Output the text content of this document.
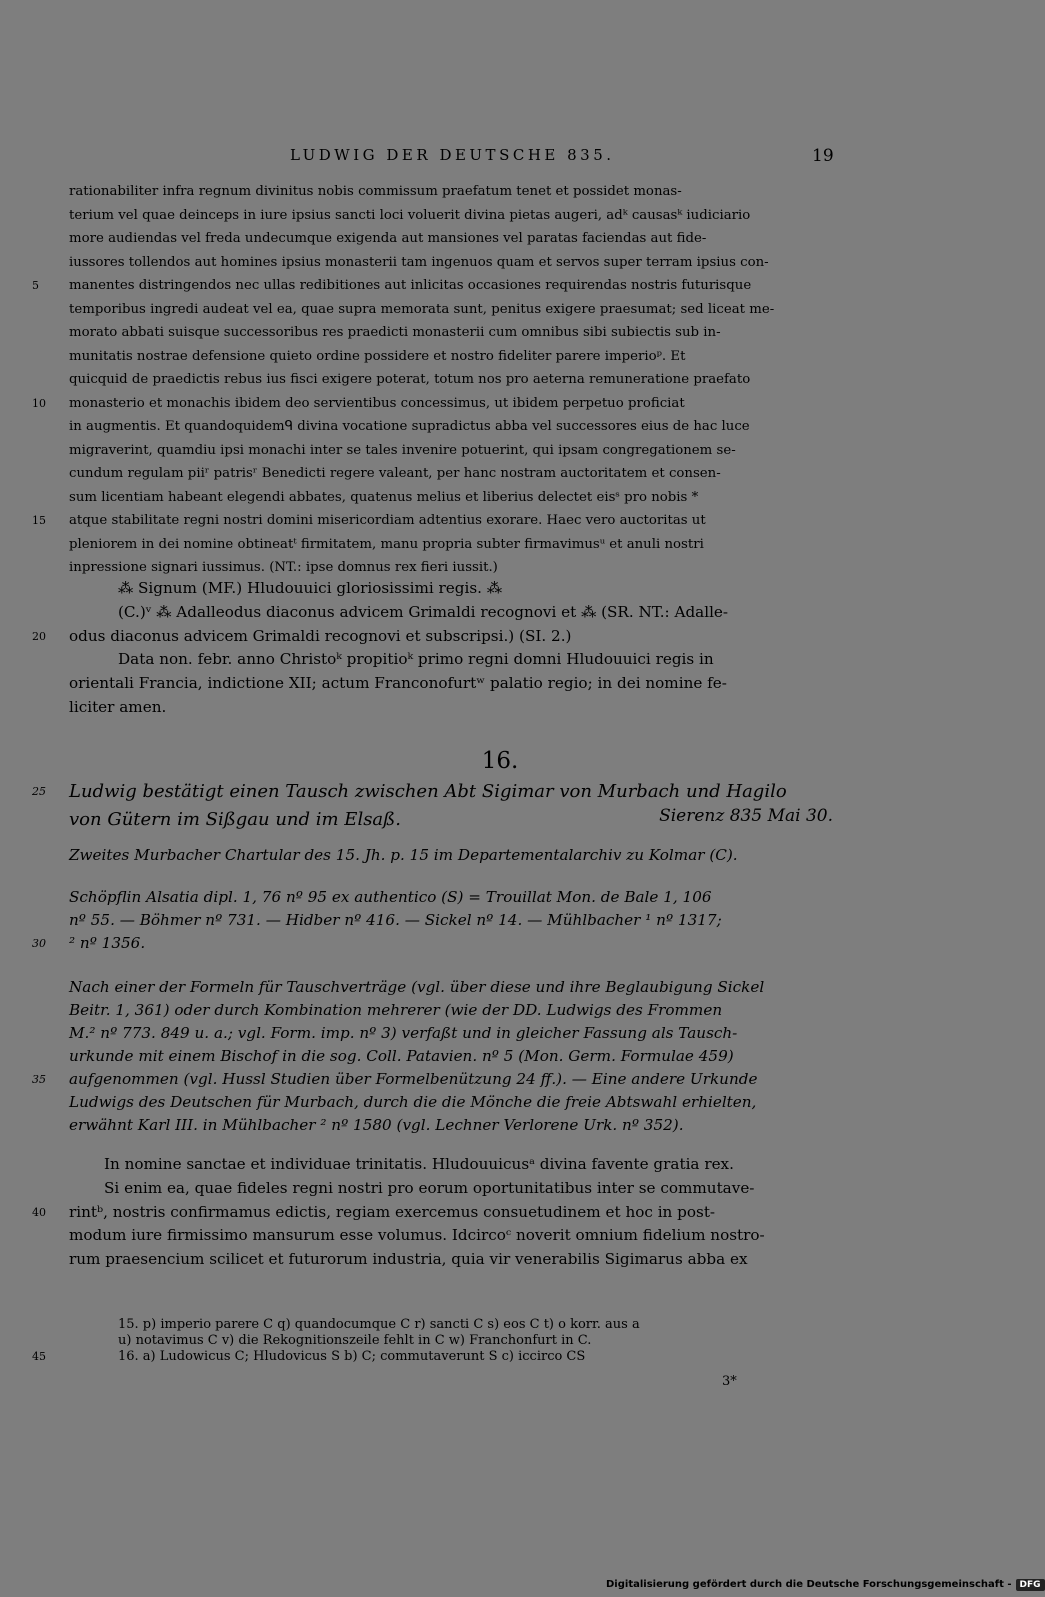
LUDWIG DER DEUTSCHE 835.	19
rationabiliter infra regnum divinitus nobis commissum praefatum tenet et possidet monas-
terium vel quae deinceps in iure ipsius sancti loci voluerit divina pietas augeri, adᵏ causasᵏ iudiciario
more audiendas vel freda undecumque exigenda aut mansiones vel paratas faciendas aut fide-
iussores tollendos aut homines ipsius monasterii tam ingenuos quam et servos super terram ipsius con-
5	manentes distringendos nec ullas redibitiones aut inlicitas occasiones requirendas nostris futurisque
temporibus ingredi audeat vel ea, quae supra memorata sunt, penitus exigere praesumat; sed liceat me-
morato abbati suisque successoribus res praedicti monasterii cum omnibus sibi subiectis sub in-
munitatis nostrae defensione quieto ordine possidere et nostro fideliter parere imperioᵖ. Et
quicquid de praedictis rebus ius fisci exigere poterat, totum nos pro aeterna remuneratione praefato
10	monasterio et monachis ibidem deo servientibus concessimus, ut ibidem perpetuo proficiat
in augmentis. Et quandoquidemᑫ divina vocatione supradictus abba vel successores eius de hac luce
migraverint, quamdiu ipsi monachi inter se tales invenire potuerint, qui ipsam congregationem se-
cundum regulam piiʳ patrisʳ Benedicti regere valeant, per hanc nostram auctoritatem et consen-
sum licentiam habeant elegendi abbates, quatenus melius et liberius delectet eisˢ pro nobis *
15	atque stabilitate regni nostri domini misericordiam adtentius exorare. Haec vero auctoritas ut
pleniorem in dei nomine obtineatᵗ firmitatem, manu propria subter firmavimusᵘ et anuli nostri
inpressione signari iussimus. (NT.: ipse domnus rex fieri iussit.)
⁂ Signum (MF.) Hludouuici gloriosissimi regis. ⁂
(C.)ᵛ ⁂ Adalleodus diaconus advicem Grimaldi recognovi et ⁂ (SR. NT.: Adalle-
20	odus diaconus advicem Grimaldi recognovi et subscripsi.) (SI. 2.)
Data non. febr. anno Christoᵏ propitioᵏ primo regni domni Hludouuici regis in
orientali Francia, indictione XII; actum Franconofurtʷ palatio regio; in dei nomine fe-
liciter amen.
16.
Sierenz 835 Mai 30.
25	Ludwig bestätigt einen Tausch zwischen Abt Sigimar von Murbach und Hagilo
von Gütern im Sißgau und im Elsaß.
Zweites Murbacher Chartular des 15. Jh. p. 15 im Departementalarchiv zu Kolmar (C).
Schöpflin Alsatia dipl. 1, 76 nº 95 ex authentico (S) = Trouillat Mon. de Bale 1, 106
nº 55. — Böhmer nº 731. — Hidber nº 416. — Sickel nº 14. — Mühlbacher ¹ nº 1317;
30	² nº 1356.
Nach einer der Formeln für Tauschverträge (vgl. über diese und ihre Beglaubigung Sickel
Beitr. 1, 361) oder durch Kombination mehrerer (wie der DD. Ludwigs des Frommen
M.² nº 773. 849 u. a.; vgl. Form. imp. nº 3) verfaßt und in gleicher Fassung als Tausch-
urkunde mit einem Bischof in die sog. Coll. Patavien. nº 5 (Mon. Germ. Formulae 459)
35	aufgenommen (vgl. Hussl Studien über Formelbenützung 24 ff.). — Eine andere Urkunde
Ludwigs des Deutschen für Murbach, durch die die Mönche die freie Abtswahl erhielten,
erwähnt Karl III. in Mühlbacher ² nº 1580 (vgl. Lechner Verlorene Urk. nº 352).
In nomine sanctae et individuae trinitatis. Hludouuicusᵃ divina favente gratia rex.
Si enim ea, quae fideles regni nostri pro eorum oportunitatibus inter se commutave-
40	rintᵇ, nostris confirmamus edictis, regiam exercemus consuetudinem et hoc in post-
modum iure firmissimo mansurum esse volumus. Idcircoᶜ noverit omnium fidelium nostro-
rum praesencium scilicet et futurorum industria, quia vir venerabilis Sigimarus abba ex
15. p) imperio parere C q) quandocumque C r) sancti C s) eos C t) o korr. aus a
u) notavimus C v) die Rekognitionszeile fehlt in C w) Franchonfurt in C.
45	16. a) Ludowicus C; Hludovicus S b) C; commutaverunt S c) iccirco CS
3*
Digitalisierung gefördert durch die Deutsche Forschungsgemeinschaft - DFG
